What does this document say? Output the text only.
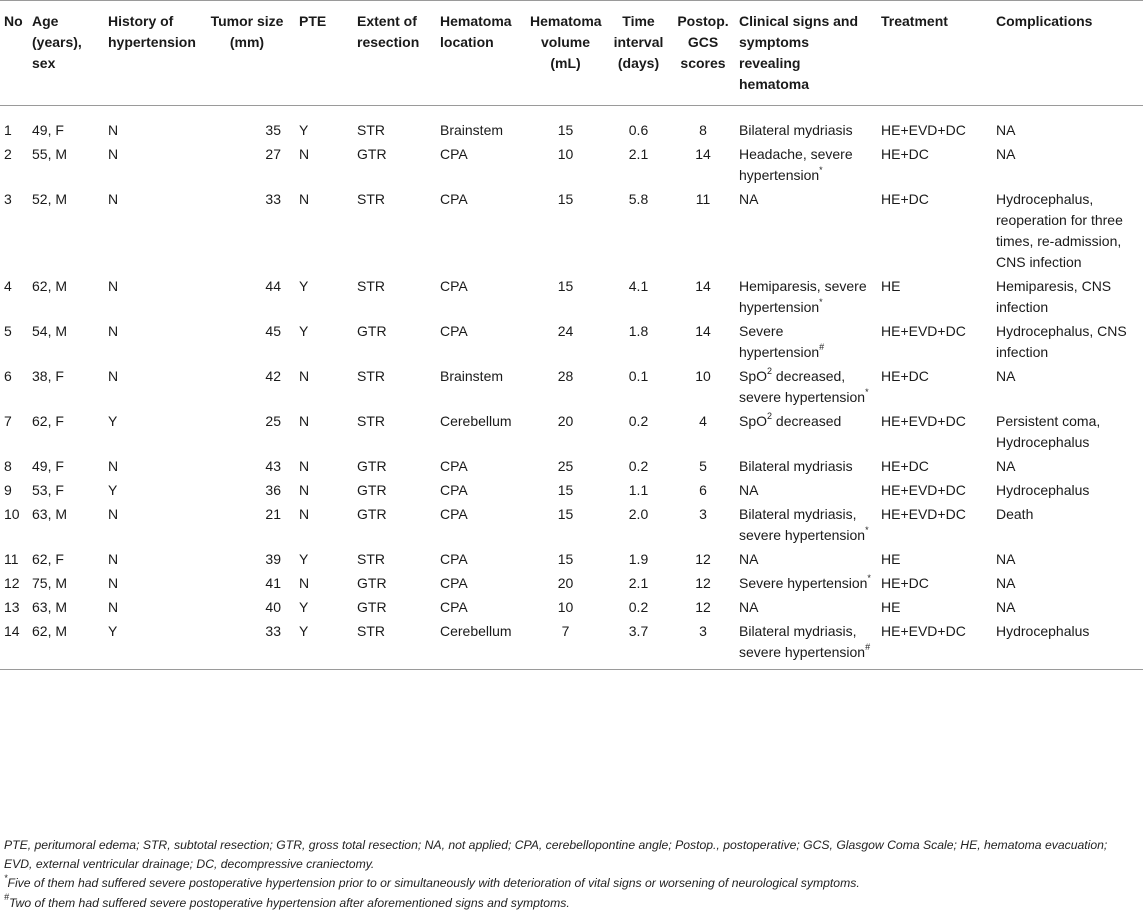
No	Age (years), sex	History of hypertension	Tumor size (mm)	PTE	Extent of resection	Hematoma location	Hematoma volume (mL)	Time interval (days)	Postop. GCS scores	Clinical signs and symptoms revealing hematoma	Treatment	Complications
1	49, F	N	35	Y	STR	Brainstem	15	0.6	8	Bilateral mydriasis	HE+EVD+DC	NA
2	55, M	N	27	N	GTR	CPA	10	2.1	14	Headache, severe hypertension*	HE+DC	NA
3	52, M	N	33	N	STR	CPA	15	5.8	11	NA	HE+DC	Hydrocephalus, reoperation for three times, re-admission, CNS infection
4	62, M	N	44	Y	STR	CPA	15	4.1	14	Hemiparesis, severe hypertension*	HE	Hemiparesis, CNS infection
5	54, M	N	45	Y	GTR	CPA	24	1.8	14	Severe hypertension#	HE+EVD+DC	Hydrocephalus, CNS infection
6	38, F	N	42	N	STR	Brainstem	28	0.1	10	SpO$^2$ decreased, severe hypertension*	HE+DC	NA
7	62, F	Y	25	N	STR	Cerebellum	20	0.2	4	SpO$^2$ decreased	HE+EVD+DC	Persistent coma, Hydrocephalus
8	49, F	N	43	N	GTR	CPA	25	0.2	5	Bilateral mydriasis	HE+DC	NA
9	53, F	Y	36	N	GTR	CPA	15	1.1	6	NA	HE+EVD+DC	Hydrocephalus
10	63, M	N	21	N	GTR	CPA	15	2.0	3	Bilateral mydriasis, severe hypertension*	HE+EVD+DC	Death
11	62, F	N	39	Y	STR	CPA	15	1.9	12	NA	HE	NA
12	75, M	N	41	N	GTR	CPA	20	2.1	12	Severe hypertension*	HE+DC	NA
13	63, M	N	40	Y	GTR	CPA	10	0.2	12	NA	HE	NA
14	62, M	Y	33	Y	STR	Cerebellum	7	3.7	3	Bilateral mydriasis, severe hypertension#	HE+EVD+DC	Hydrocephalus

PTE, peritumoral edema; STR, subtotal resection; GTR, gross total resection; NA, not applied; CPA, cerebellopontine angle; Postop., postoperative; GCS, Glasgow Coma Scale; HE, hematoma evacuation; EVD, external ventricular drainage; DC, decompressive craniectomy.

*Five of them had suffered severe postoperative hypertension prior to or simultaneously with deterioration of vital signs or worsening of neurological symptoms.

#Two of them had suffered severe postoperative hypertension after aforementioned signs and symptoms.
